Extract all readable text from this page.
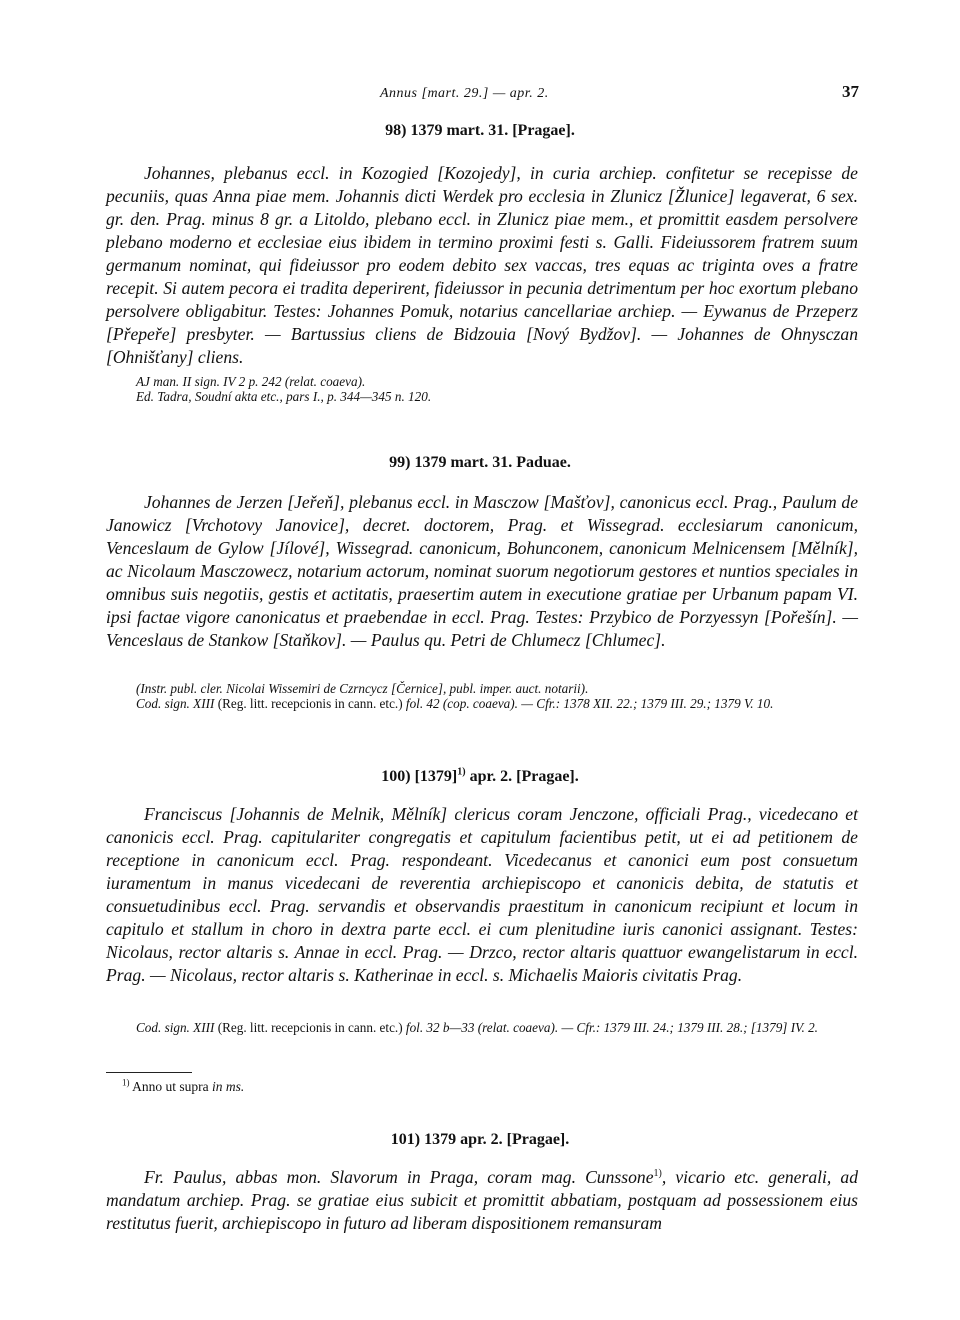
Annus [mart. 29.] — apr. 2.	37
98) 1379 mart. 31. [Pragae].
Johannes, plebanus eccl. in Kozogied [Kozojedy], in curia archiep. confitetur se recepisse de pecuniis, quas Anna piae mem. Johannis dicti Werdek pro ecclesia in Zlunicz [Žlunice] legaverat, 6 sex. gr. den. Prag. minus 8 gr. a Litoldo, plebano eccl. in Zlunicz piae mem., et promittit easdem persolvere plebano moderno et ecclesiae eius ibidem in termino proximi festi s. Galli. Fideiussorem fratrem suum germanum nominat, qui fideiussor pro eodem debito sex vaccas, tres equas ac triginta oves a fratre recepit. Si autem pecora ei tradita deperirent, fideiussor in pecunia detrimentum per hoc exortum plebano persolvere obligabitur. Testes: Johannes Pomuk, notarius cancellariae archiep. — Eywanus de Przeperz [Přepeře] presbyter. — Bartussius cliens de Bidzouia [Nový Bydžov]. — Johannes de Ohnysczan [Ohnišťany] cliens.
AJ man. II sign. IV 2 p. 242 (relat. coaeva).
Ed. Tadra, Soudní akta etc., pars I., p. 344—345 n. 120.
99) 1379 mart. 31. Paduae.
Johannes de Jerzen [Jeřeň], plebanus eccl. in Masczow [Mašťov], canonicus eccl. Prag., Paulum de Janowicz [Vrchotovy Janovice], decret. doctorem, Prag. et Wissegrad. ecclesiarum canonicum, Venceslaum de Gylow [Jílové], Wissegrad. canonicum, Bohunconem, canonicum Melnicensem [Mělník], ac Nicolaum Masczowecz, notarium actorum, nominat suorum negotiorum gestores et nuntios speciales in omnibus suis negotiis, gestis et actitatis, praesertim autem in executione gratiae per Urbanum papam VI. ipsi factae vigore canonicatus et praebendae in eccl. Prag. Testes: Przybico de Porzyessyn [Pořešín]. — Venceslaus de Stankow [Staňkov]. — Paulus qu. Petri de Chlumecz [Chlumec].
(Instr. publ. cler. Nicolai Wissemiri de Czrncycz [Černice], publ. imper. auct. notarii).
Cod. sign. XIII (Reg. litt. recepcionis in cann. etc.) fol. 42 (cop. coaeva). — Cfr.: 1378 XII. 22.; 1379 III. 29.; 1379 V. 10.
100) $[1379]^{1)}$ apr. 2. [Pragae].
Franciscus [Johannis de Melnik, Mělník] clericus coram Jenczone, officiali Prag., vicedecano et canonicis eccl. Prag. capitulariter congregatis et capitulum facientibus petit, ut ei ad petitionem de receptione in canonicum eccl. Prag. respondeant. Vicedecanus et canonici eum post consuetum iuramentum in manus vicedecani de reverentia archiepiscopo et canonicis debita, de statutis et consuetudinibus eccl. Prag. servandis et observandis praestitum in canonicum recipiunt et locum in capitulo et stallum in choro in dextra parte eccl. ei cum plenitudine iuris canonici assignant. Testes: Nicolaus, rector altaris s. Annae in eccl. Prag. — Drzco, rector altaris quattuor ewangelistarum in eccl. Prag. — Nicolaus, rector altaris s. Katherinae in eccl. s. Michaelis Maioris civitatis Prag.
Cod. sign. XIII (Reg. litt. recepcionis in cann. etc.) fol. 32 b—33 (relat. coaeva). — Cfr.: 1379 III. 24.; 1379 III. 28.; [1379] IV. 2.
$^{1)}$ Anno ut supra in ms.
101) 1379 apr. 2. [Pragae].
Fr. Paulus, abbas mon. Slavorum in Praga, coram mag. Cunssone$^{1)}$, vicario etc. generali, ad mandatum archiep. Prag. se gratiae eius subicit et promittit abbatiam, postquam ad possessionem eius restitutus fuerit, archiepiscopo in futuro ad liberam dispositionem remansuram
